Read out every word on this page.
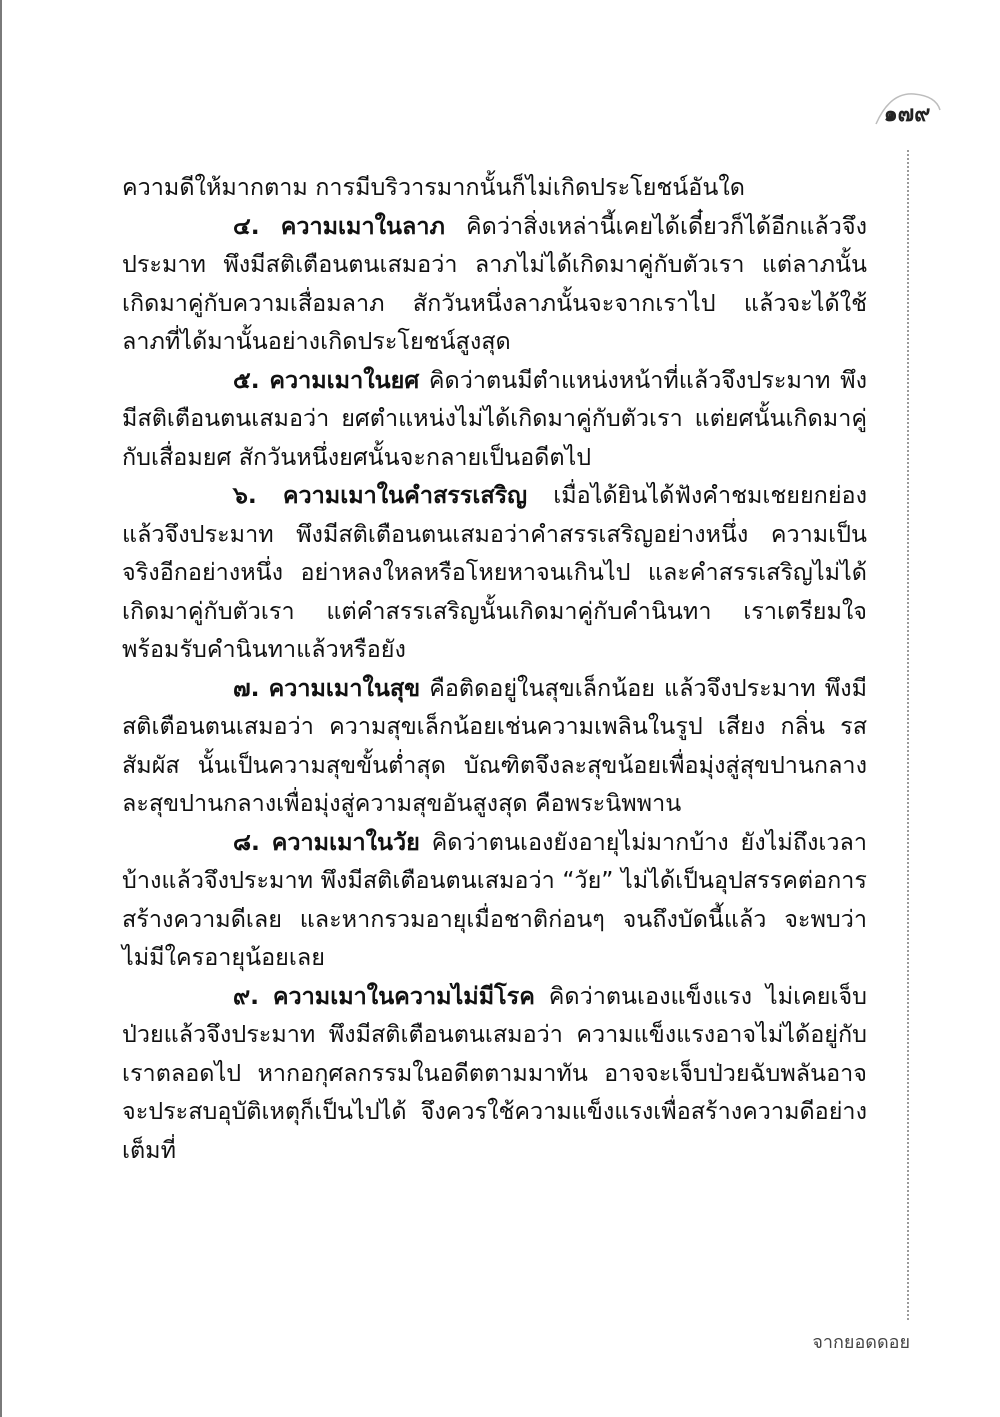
๑๗๙

ความดีให้มากตาม การมีบริวารมากนั้นก็ไม่เกิดประโยชน์อันใด

๔. ความเมาในลาภ คิดว่าสิ่งเหล่านี้เคยได้เดี๋ยวก็ได้อีกแล้วจึงประมาท พึงมีสติเตือนตนเสมอว่า ลาภไม่ได้เกิดมาคู่กับตัวเรา แต่ลาภนั้นเกิดมาคู่กับความเสื่อมลาภ สักวันหนึ่งลาภนั้นจะจากเราไป แล้วจะได้ใช้ลาภที่ได้มานั้นอย่างเกิดประโยชน์สูงสุด

๕. ความเมาในยศ คิดว่าตนมีตำแหน่งหน้าที่แล้วจึงประมาท พึงมีสติเตือนตนเสมอว่า ยศตำแหน่งไม่ได้เกิดมาคู่กับตัวเรา แต่ยศนั้นเกิดมาคู่กับเสื่อมยศ สักวันหนึ่งยศนั้นจะกลายเป็นอดีตไป

๖. ความเมาในคำสรรเสริญ เมื่อได้ยินได้ฟังคำชมเชยยกย่องแล้วจึงประมาท พึงมีสติเตือนตนเสมอว่าคำสรรเสริญอย่างหนึ่ง ความเป็นจริงอีกอย่างหนึ่ง อย่าหลงใหลหรือโหยหาจนเกินไป และคำสรรเสริญไม่ได้เกิดมาคู่กับตัวเรา แต่คำสรรเสริญนั้นเกิดมาคู่กับคำนินทา เราเตรียมใจพร้อมรับคำนินทาแล้วหรือยัง

๗. ความเมาในสุข คือติดอยู่ในสุขเล็กน้อย แล้วจึงประมาท พึงมีสติเตือนตนเสมอว่า ความสุขเล็กน้อยเช่นความเพลินในรูป เสียง กลิ่น รส สัมผัส นั้นเป็นความสุขขั้นต่ำสุด บัณฑิตจึงละสุขน้อยเพื่อมุ่งสู่สุขปานกลาง ละสุขปานกลางเพื่อมุ่งสู่ความสุขอันสูงสุด คือพระนิพพาน

๘. ความเมาในวัย คิดว่าตนเองยังอายุไม่มากบ้าง ยังไม่ถึงเวลาบ้างแล้วจึงประมาท พึงมีสติเตือนตนเสมอว่า “วัย” ไม่ได้เป็นอุปสรรคต่อการสร้างความดีเลย และหากรวมอายุเมื่อชาติก่อนๆ จนถึงบัดนี้แล้ว จะพบว่าไม่มีใครอายุน้อยเลย

๙. ความเมาในความไม่มีโรค คิดว่าตนเองแข็งแรง ไม่เคยเจ็บป่วยแล้วจึงประมาท พึงมีสติเตือนตนเสมอว่า ความแข็งแรงอาจไม่ได้อยู่กับเราตลอดไป หากอกุศลกรรมในอดีตตามมาทัน อาจจะเจ็บป่วยฉับพลันอาจจะประสบอุบัติเหตุก็เป็นไปได้ จึงควรใช้ความแข็งแรงเพื่อสร้างความดีอย่างเต็มที่

จากยอดดอย
